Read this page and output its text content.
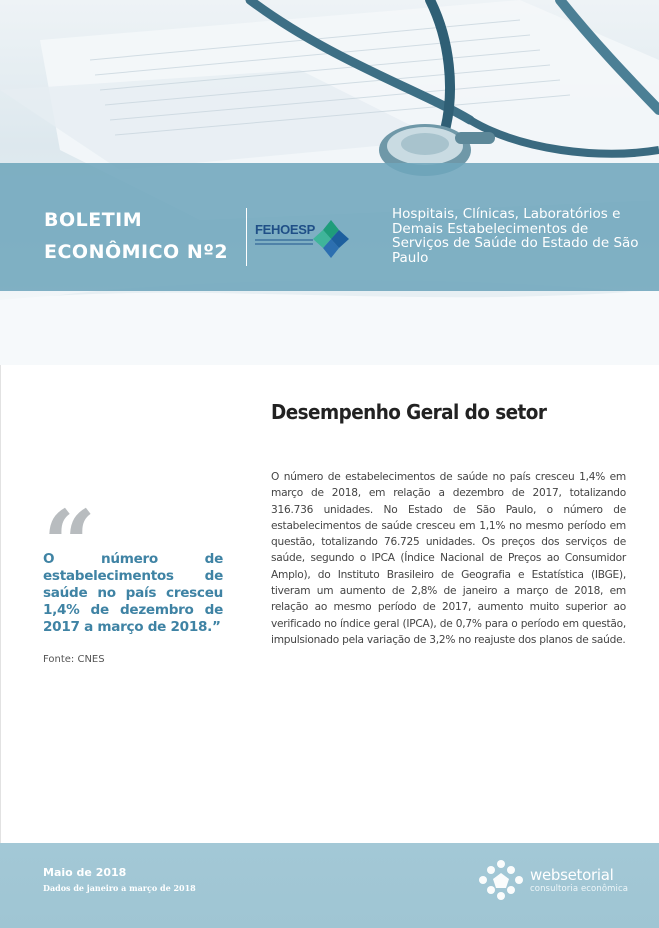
BOLETIM
ECONÔMICO Nº2
FEHOESP
Hospitais, Clínicas, Laboratórios e Demais Estabelecimentos de Serviços de Saúde do Estado de São Paulo
Desempenho Geral do setor

O número de estabelecimentos de saúde no país cresceu 1,4% em março de 2018, em relação a dezembro de 2017, totalizando 316.736 unidades. No Estado de São Paulo, o número de estabelecimentos de saúde cresceu em 1,1% no mesmo período em questão, totalizando 76.725 unidades. Os preços dos serviços de saúde, segundo o IPCA (Índice Nacional de Preços ao Consumidor Amplo), do Instituto Brasileiro de Geografia e Estatística (IBGE), tiveram um aumento de 2,8% de janeiro a março de 2018, em relação ao mesmo período de 2017, aumento muito superior ao verificado no índice geral (IPCA), de 0,7% para o período em questão, impulsionado pela variação de 3,2% no reajuste dos planos de saúde.

“

O número de estabelecimentos de saúde no país cresceu 1,4% de dezembro de 2017 a março de 2018.”

Fonte: CNES
Maio de 2018
Dados de janeiro a março de 2018
websetorial
consultoria econômica
